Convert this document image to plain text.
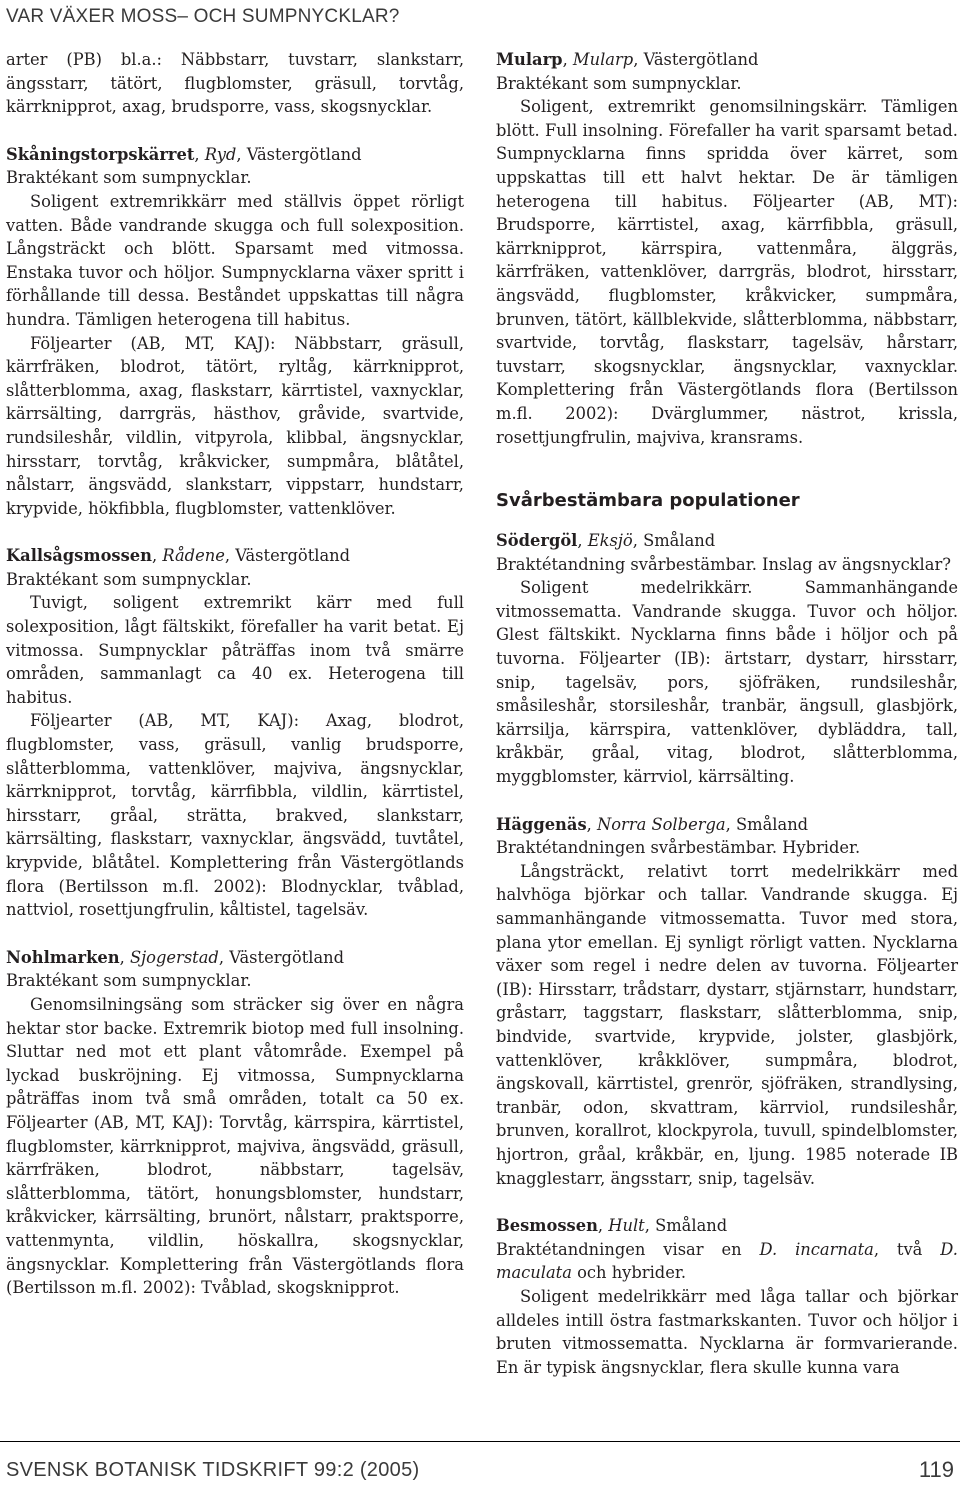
VAR VÄXER MOSS– OCH SUMPNYCKLAR?

arter (PB) bl.a.: Näbbstarr, tuvstarr, slankstarr, ängsstarr, tätört, flugblomster, gräsull, torvtåg, kärrknipprot, axag, brudsporre, vass, skogsnycklar.

Skåningstorpskärret, Ryd, Västergötland

Braktékant som sumpnycklar.

Soligent extremrikkärr med ställvis öppet rörligt vatten. Både vandrande skugga och full solexposition. Långsträckt och blött. Sparsamt med vitmossa. Enstaka tuvor och höljor. Sumpnycklarna växer spritt i förhållande till dessa. Beståndet uppskattas till några hundra. Tämligen heterogena till habitus.

Följearter (AB, MT, KAJ): Näbbstarr, gräsull, kärrfräken, blodrot, tätört, ryltåg, kärrknipprot, slåtterblomma, axag, flaskstarr, kärrtistel, vaxnycklar, kärrsälting, darrgräs, hästhov, gråvide, svartvide, rundsileshår, vildlin, vitpyrola, klibbal, ängsnycklar, hirsstarr, torvtåg, kråkvicker, sumpmåra, blåtåtel, nålstarr, ängsvädd, slankstarr, vippstarr, hundstarr, krypvide, hökfibbla, flugblomster, vattenklöver.

Kallsågsmossen, Rådene, Västergötland

Braktékant som sumpnycklar.

Tuvigt, soligent extremrikt kärr med full solexposition, lågt fältskikt, förefaller ha varit betat. Ej vitmossa. Sumpnycklar påträffas inom två smärre områden, sammanlagt ca 40 ex. Heterogena till habitus.

Följearter (AB, MT, KAJ): Axag, blodrot, flugblomster, vass, gräsull, vanlig brudsporre, slåtterblomma, vattenklöver, majviva, ängsnycklar, kärrknipprot, torvtåg, kärrfibbla, vildlin, kärrtistel, hirsstarr, gråal, strätta, brakved, slankstarr, kärrsälting, flaskstarr, vaxnycklar, ängsvädd, tuvtåtel, krypvide, blåtåtel. Komplettering från Västergötlands flora (Bertilsson m.fl. 2002): Blodnycklar, tvåblad, nattviol, rosettjungfrulin, kåltistel, tagelsäv.

Nohlmarken, Sjogerstad, Västergötland

Braktékant som sumpnycklar.

Genomsilningsäng som sträcker sig över en några hektar stor backe. Extremrik biotop med full insolning. Sluttar ned mot ett plant våtområde. Exempel på lyckad buskröjning. Ej vitmossa, Sumpnycklarna påträffas inom två små områden, totalt ca 50 ex. Följearter (AB, MT, KAJ): Torvtåg, kärrspira, kärrtistel, flugblomster, kärrknipprot, majviva, ängsvädd, gräsull, kärrfräken, blodrot, näbbstarr, tagelsäv, slåtterblomma, tätört, honungsblomster, hundstarr, kråkvicker, kärrsälting, brunört, nålstarr, praktsporre, vattenmynta, vildlin, höskallra, skogsnycklar, ängsnycklar. Komplettering från Västergötlands flora (Bertilsson m.fl. 2002): Tvåblad, skogsknipprot.

Mularp, Mularp, Västergötland

Braktékant som sumpnycklar.

Soligent, extremrikt genomsilningskärr. Tämligen blött. Full insolning. Förefaller ha varit sparsamt betad. Sumpnycklarna finns spridda över kärret, som uppskattas till ett halvt hektar. De är tämligen heterogena till habitus. Följearter (AB, MT): Brudsporre, kärrtistel, axag, kärrfibbla, gräsull, kärrknipprot, kärrspira, vattenmåra, älggräs, kärrfräken, vattenklöver, darrgräs, blodrot, hirsstarr, ängsvädd, flugblomster, kråkvicker, sumpmåra, brunven, tätört, källblekvide, slåtterblomma, näbbstarr, svartvide, torvtåg, flaskstarr, tagelsäv, hårstarr, tuvstarr, skogsnycklar, ängsnycklar, vaxnycklar. Komplettering från Västergötlands flora (Bertilsson m.fl. 2002): Dvärglummer, nästrot, krissla, rosettjungfrulin, majviva, kransrams.

Svårbestämbara populationer

Södergöl, Eksjö, Småland

Braktétandning svårbestämbar. Inslag av ängsnycklar?

Soligent medelrikkärr. Sammanhängande vitmossematta. Vandrande skugga. Tuvor och höljor. Glest fältskikt. Nycklarna finns både i höljor och på tuvorna. Följearter (IB): ärtstarr, dystarr, hirsstarr, snip, tagelsäv, pors, sjöfräken, rundsileshår, småsileshår, storsileshår, tranbär, ängsull, glasbjörk, kärrsilja, kärrspira, vattenklöver, dybläddra, tall, kråkbär, gråal, vitag, blodrot, slåtterblomma, myggblomster, kärrviol, kärrsälting.

Häggenäs, Norra Solberga, Småland

Braktétandningen svårbestämbar. Hybrider.

Långsträckt, relativt torrt medelrikkärr med halvhöga björkar och tallar. Vandrande skugga. Ej sammanhängande vitmossematta. Tuvor med stora, plana ytor emellan. Ej synligt rörligt vatten. Nycklarna växer som regel i nedre delen av tuvorna. Följearter (IB): Hirsstarr, trådstarr, dystarr, stjärnstarr, hundstarr, gråstarr, taggstarr, flaskstarr, slåtterblomma, snip, bindvide, svartvide, krypvide, jolster, glasbjörk, vattenklöver, kråkklöver, sumpmåra, blodrot, ängskovall, kärrtistel, grenrör, sjöfräken, strandlysing, tranbär, odon, skvattram, kärrviol, rundsileshår, brunven, korallrot, klockpyrola, tuvull, spindelblomster, hjortron, gråal, kråkbär, en, ljung. 1985 noterade IB knagglestarr, ängsstarr, snip, tagelsäv.

Besmossen, Hult, Småland

Braktétandningen visar en D. incarnata, två D. maculata och hybrider.

Soligent medelrikkärr med låga tallar och björkar alldeles intill östra fastmarkskanten. Tuvor och höljor i bruten vitmossematta. Nycklarna är formvarierande. En är typisk ängsnycklar, flera skulle kunna vara

SVENSK BOTANISK TIDSKRIFT 99:2 (2005)	119
